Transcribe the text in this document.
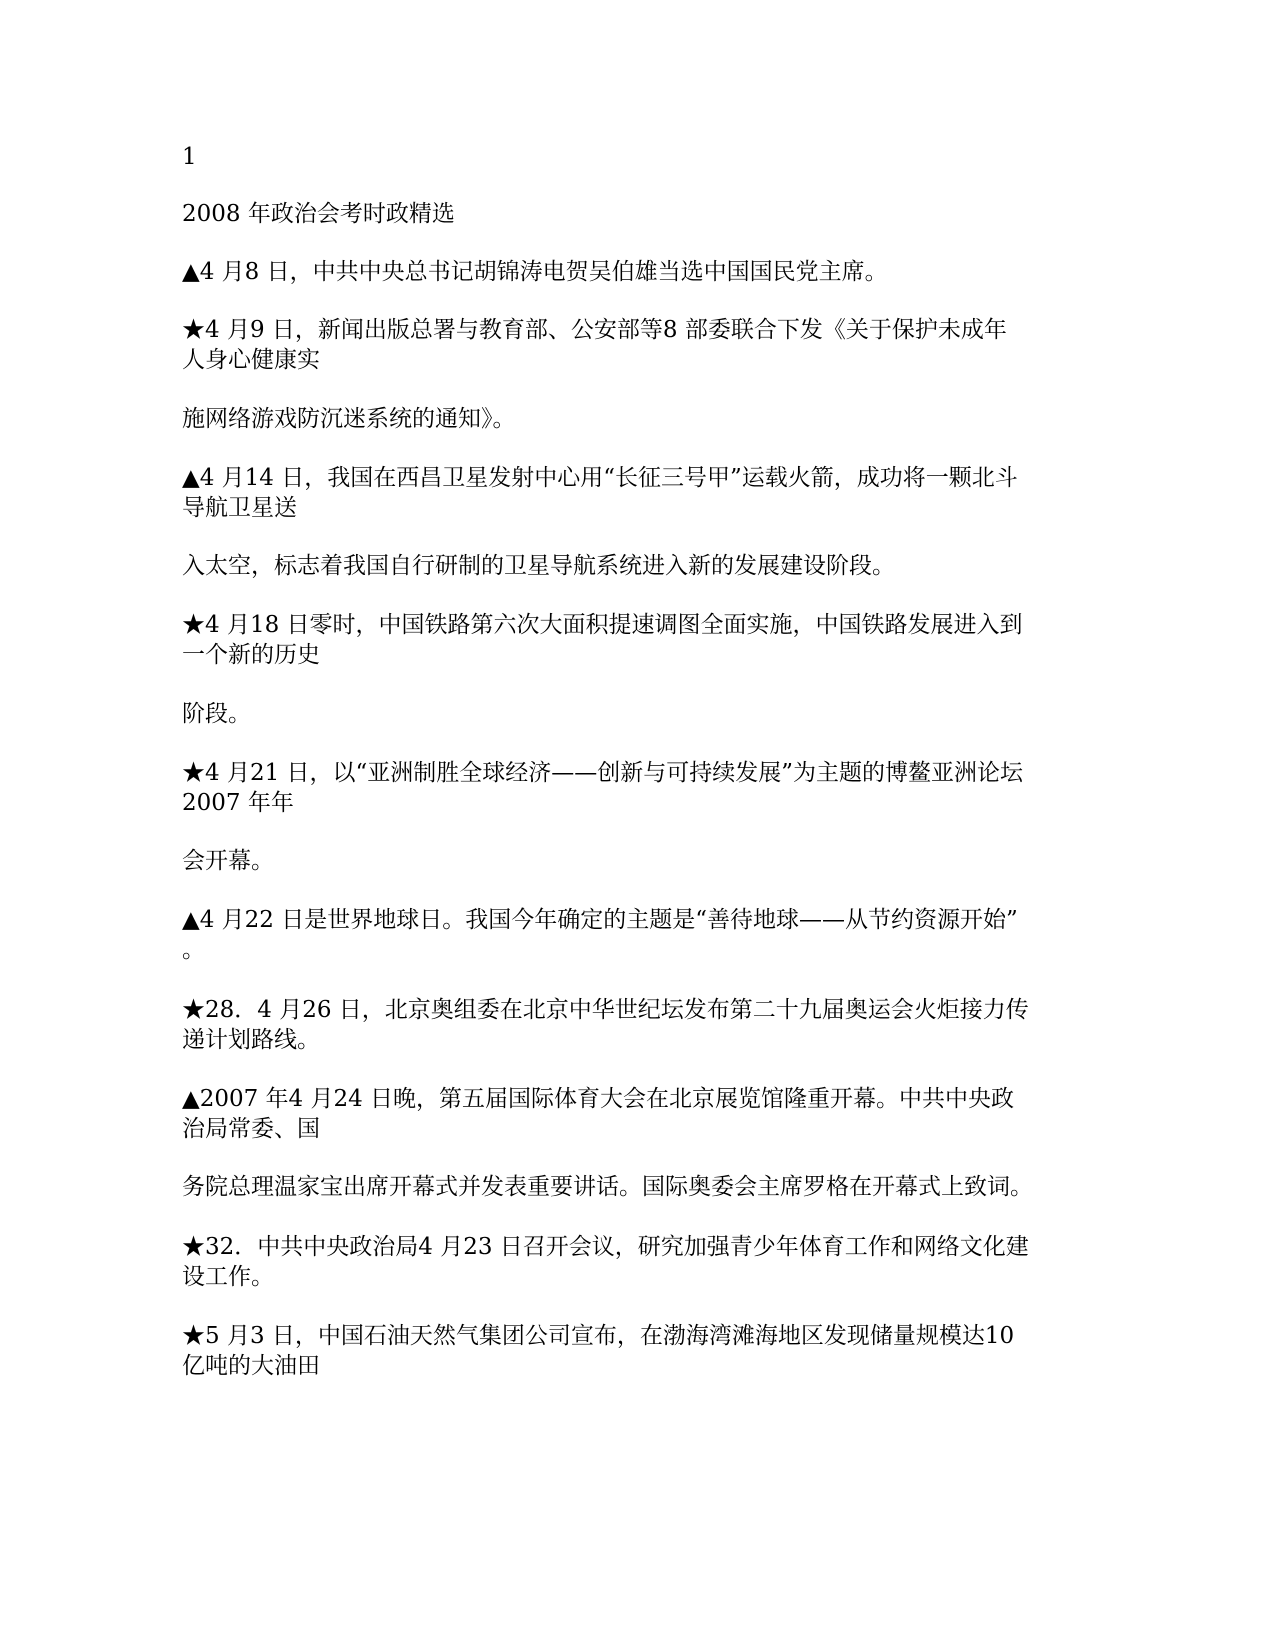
1
2008 年政治会考时政精选
▲4 月8 日，中共中央总书记胡锦涛电贺吴伯雄当选中国国民党主席。
★4 月9 日，新闻出版总署与教育部、公安部等8 部委联合下发《关于保护未成年
人身心健康实
施网络游戏防沉迷系统的通知》。
▲4 月14 日，我国在西昌卫星发射中心用“长征三号甲”运载火箭，成功将一颗北斗
导航卫星送
入太空，标志着我国自行研制的卫星导航系统进入新的发展建设阶段。
★4 月18 日零时，中国铁路第六次大面积提速调图全面实施，中国铁路发展进入到
一个新的历史
阶段。
★4 月21 日，以“亚洲制胜全球经济——创新与可持续发展”为主题的博鳌亚洲论坛
2007 年年
会开幕。
▲4 月22 日是世界地球日。我国今年确定的主题是“善待地球——从节约资源开始”
。
★28．4 月26 日，北京奥组委在北京中华世纪坛发布第二十九届奥运会火炬接力传
递计划路线。
▲2007 年4 月24 日晚，第五届国际体育大会在北京展览馆隆重开幕。中共中央政
治局常委、国
务院总理温家宝出席开幕式并发表重要讲话。国际奥委会主席罗格在开幕式上致词。
★32．中共中央政治局4 月23 日召开会议，研究加强青少年体育工作和网络文化建
设工作。
★5 月3 日，中国石油天然气集团公司宣布，在渤海湾滩海地区发现储量规模达10
亿吨的大油田
